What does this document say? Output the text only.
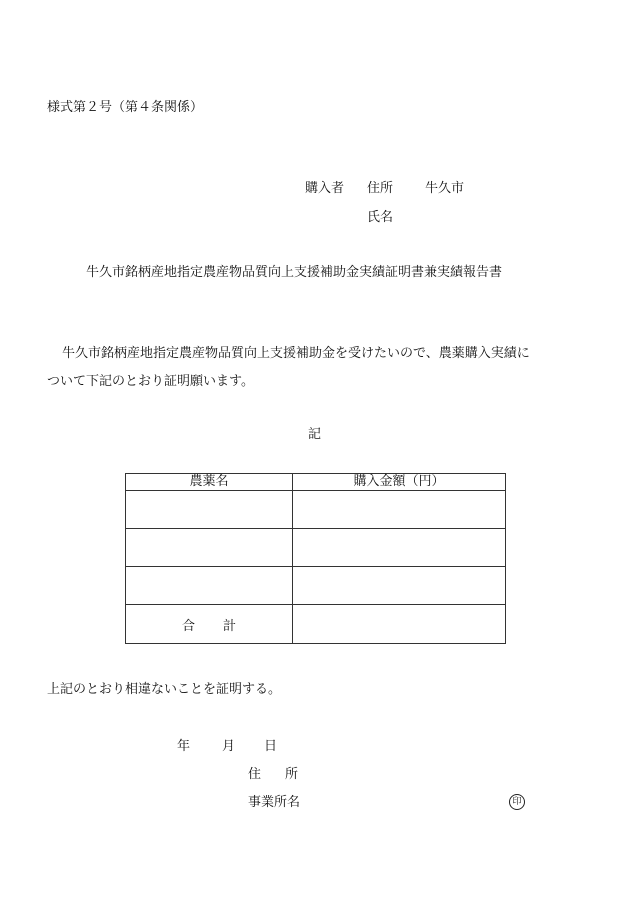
様式第２号（第４条関係）
購入者 住所 牛久市
氏名
牛久市銘柄産地指定農産物品質向上支援補助金実績証明書兼実績報告書
牛久市銘柄産地指定農産物品質向上支援補助金を受けたいので、農薬購入実績に
ついて下記のとおり証明願います。
記
農薬名	購入金額（円）

合計	
上記のとおり相違ないことを証明する。
年 月 日
住所
事業所名	印
